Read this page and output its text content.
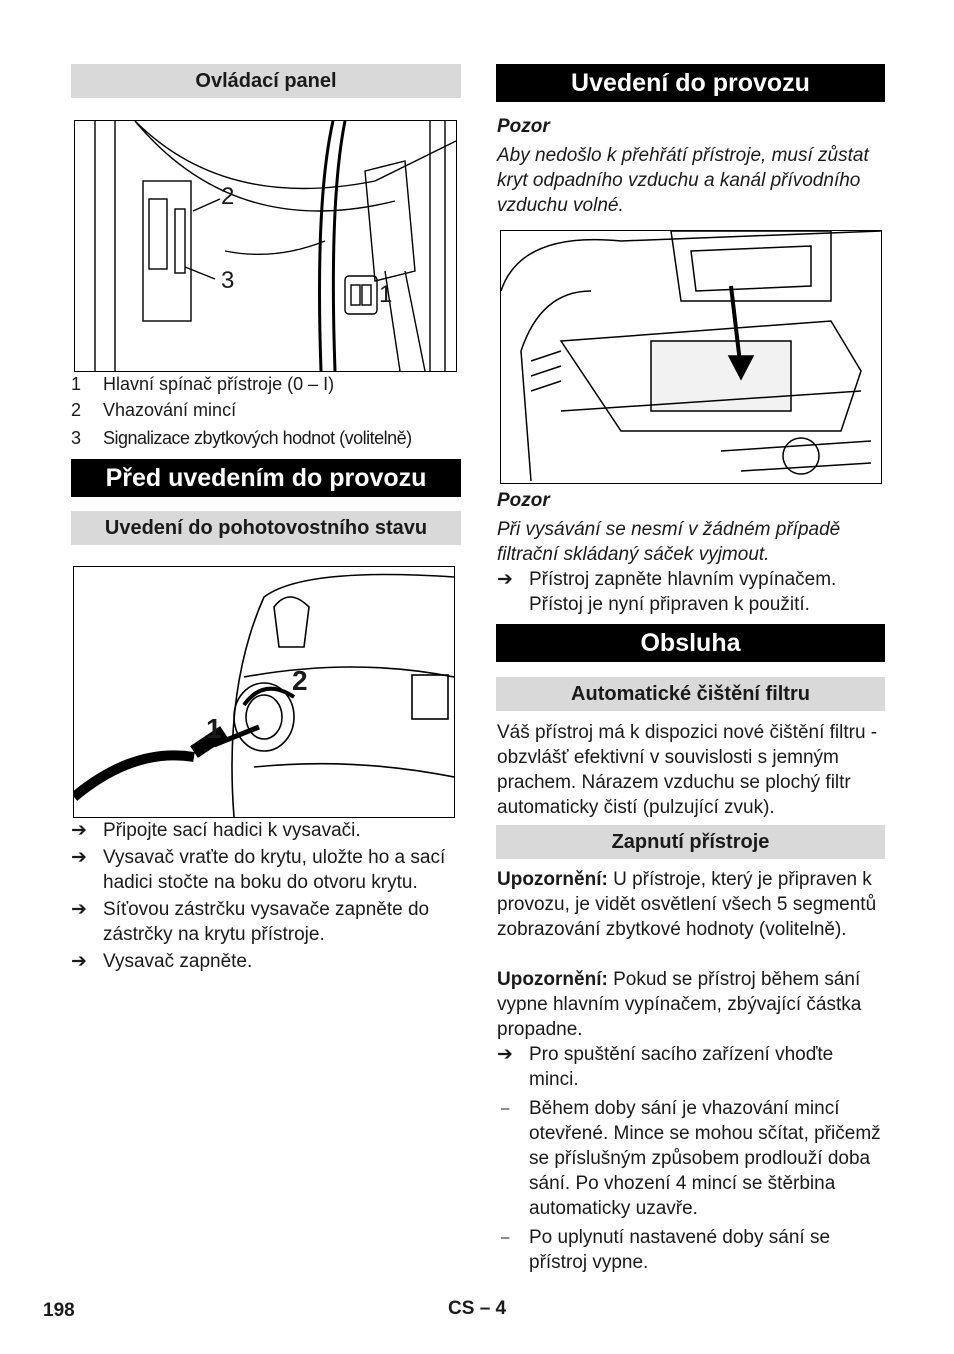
Ovládací panel
2
3
1
1 Hlavní spínač přístroje (0 – I)
2 Vhazování mincí
3 Signalizace zbytkových hodnot (volitelně)
Před uvedením do provozu
Uvedení do pohotovostního stavu
1
2
➔ Připojte sací hadici k vysavači.
➔ Vysavač vraťte do krytu, uložte ho a sací hadici stočte na boku do otvoru krytu.
➔ Síťovou zástrčku vysavače zapněte do zástrčky na krytu přístroje.
➔ Vysavač zapněte.
Uvedení do provozu
Pozor
Aby nedošlo k přehřátí přístroje, musí zůstat kryt odpadního vzduchu a kanál přívodního vzduchu volné.
Pozor
Při vysávání se nesmí v žádném případě filtrační skládaný sáček vyjmout.
➔ Přístroj zapněte hlavním vypínačem. Přístoj je nyní připraven k použití.
Obsluha
Automatické čištění filtru
Váš přístroj má k dispozici nové čištění filtru - obzvlášť efektivní v souvislosti s jemným prachem. Nárazem vzduchu se plochý filtr automaticky čistí (pulzující zvuk).
Zapnutí přístroje
Upozornění: U přístroje, který je připraven k provozu, je vidět osvětlení všech 5 segmentů zobrazování zbytkové hodnoty (volitelně).
Upozornění: Pokud se přístroj během sání vypne hlavním vypínačem, zbývající částka propadne.
➔ Pro spuštění sacího zařízení vhoďte minci.
– Během doby sání je vhazování mincí otevřené. Mince se mohou sčítat, přičemž se příslušným způsobem prodlouží doba sání. Po vhození 4 mincí se štěrbina automaticky uzavře.
– Po uplynutí nastavené doby sání se přístroj vypne.
198	CS – 4
